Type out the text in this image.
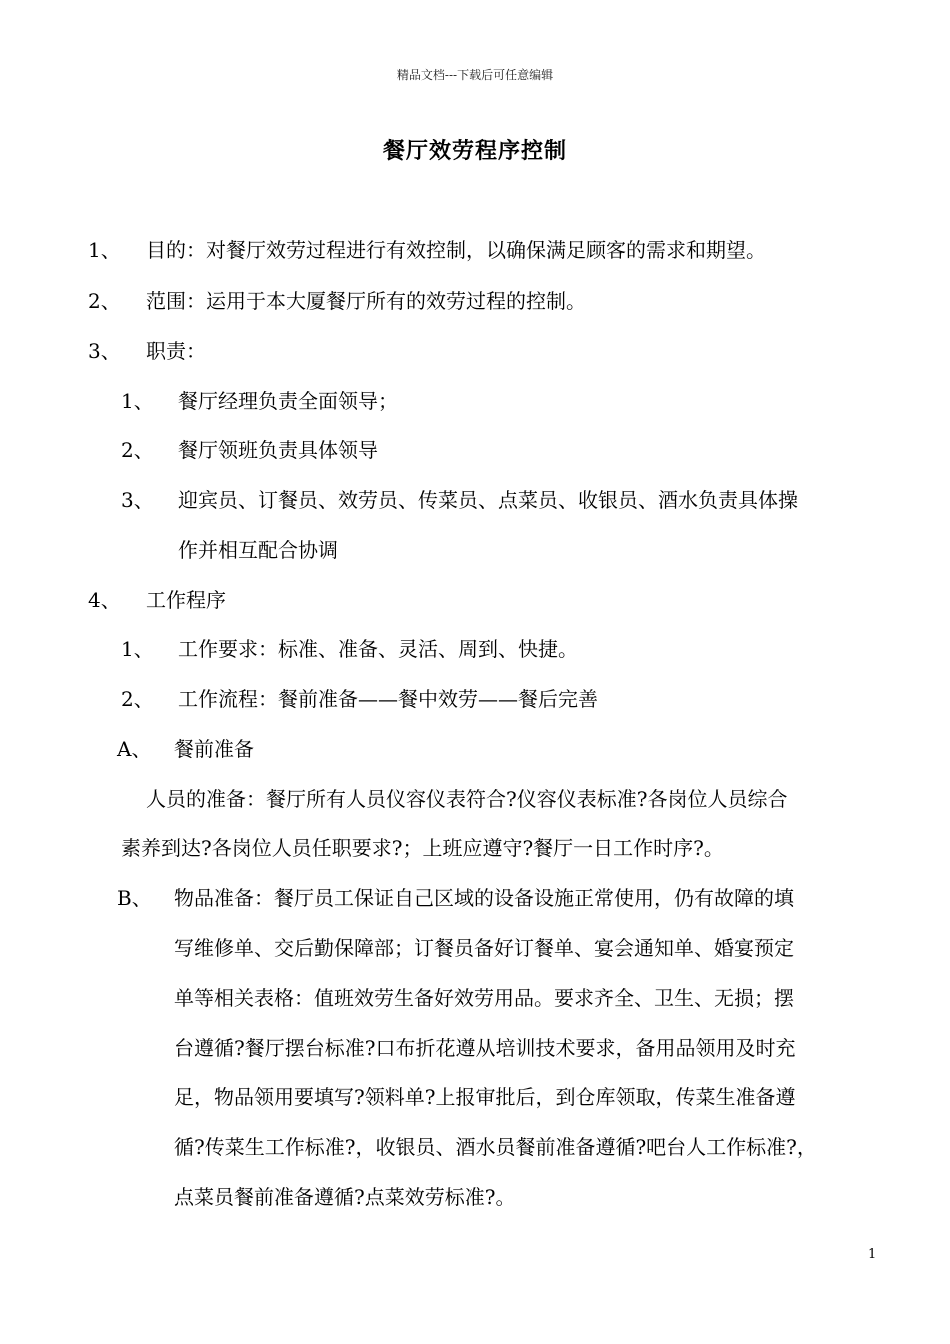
精品文档---下载后可任意编辑
餐厅效劳程序控制
1、 目的：对餐厅效劳过程进行有效控制，以确保满足顾客的需求和期望。
2、 范围：运用于本大厦餐厅所有的效劳过程的控制。
3、 职责：
1、 餐厅经理负责全面领导；
2、 餐厅领班负责具体领导
3、 迎宾员、订餐员、效劳员、传菜员、点菜员、收银员、酒水负责具体操
作并相互配合协调
4、 工作程序
1、 工作要求：标准、准备、灵活、周到、快捷。
2、 工作流程：餐前准备——餐中效劳——餐后完善
A、 餐前准备
人员的准备：餐厅所有人员仪容仪表符合?仪容仪表标准?各岗位人员综合
素养到达?各岗位人员任职要求?；上班应遵守?餐厅一日工作时序?。
B、 物品准备：餐厅员工保证自己区域的设备设施正常使用，仍有故障的填
写维修单、交后勤保障部；订餐员备好订餐单、宴会通知单、婚宴预定
单等相关表格：值班效劳生备好效劳用品。要求齐全、卫生、无损；摆
台遵循?餐厅摆台标准?口布折花遵从培训技术要求，备用品领用及时充
足，物品领用要填写?领料单?上报审批后，到仓库领取，传菜生准备遵
循?传菜生工作标准?，收银员、酒水员餐前准备遵循?吧台人工作标准?，
点菜员餐前准备遵循?点菜效劳标准?。
1
